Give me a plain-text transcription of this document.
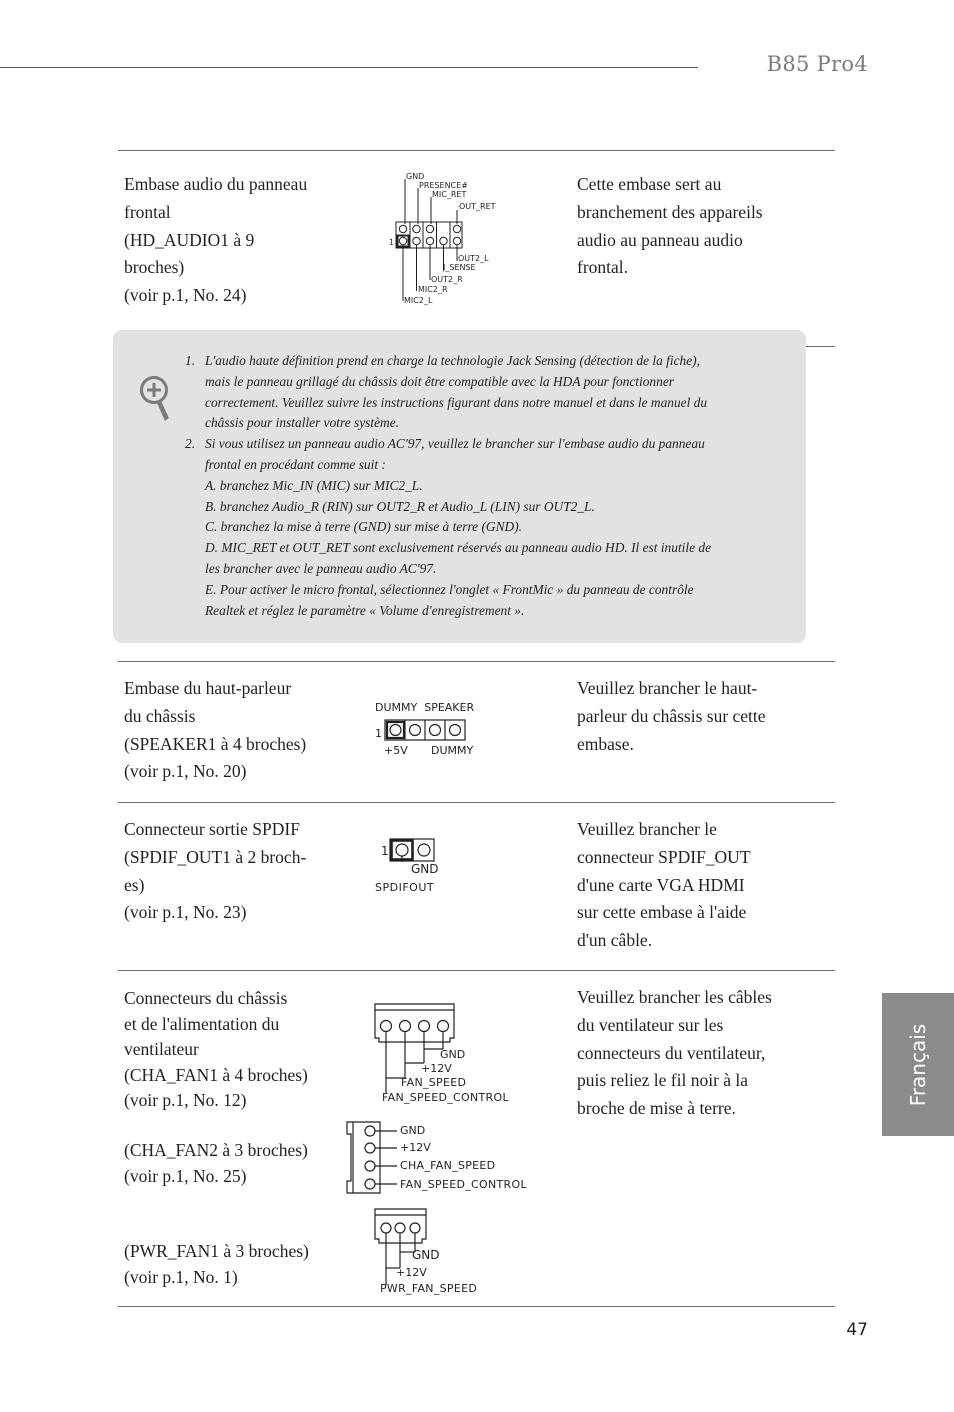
B85 Pro4
Embase audio du panneau
frontal
(HD_AUDIO1 à 9
broches)
(voir p.1, No. 24)
Cette embase sert au
branchement des appareils
audio au panneau audio
frontal.
GND
PRESENCE#
MIC_RET
OUT_RET
1
OUT2_L
J_SENSE
OUT2_R
MIC2_R
MIC2_L
1. L'audio haute définition prend en charge la technologie Jack Sensing (détection de la fiche),
mais le panneau grillagé du châssis doit être compatible avec la HDA pour fonctionner
correctement. Veuillez suivre les instructions figurant dans notre manuel et dans le manuel du
châssis pour installer votre système.
2. Si vous utilisez un panneau audio AC'97, veuillez le brancher sur l'embase audio du panneau
frontal en procédant comme suit :
A. branchez Mic_IN (MIC) sur MIC2_L.
B. branchez Audio_R (RIN) sur OUT2_R et Audio_L (LIN) sur OUT2_L.
C. branchez la mise à terre (GND) sur mise à terre (GND).
D. MIC_RET et OUT_RET sont exclusivement réservés au panneau audio HD. Il est inutile de
les brancher avec le panneau audio AC'97.
E. Pour activer le micro frontal, sélectionnez l'onglet « FrontMic » du panneau de contrôle
Realtek et réglez le paramètre « Volume d'enregistrement ».
Embase du haut-parleur
du châssis
(SPEAKER1 à 4 broches)
(voir p.1, No. 20)
Veuillez brancher le haut-
parleur du châssis sur cette
embase.
DUMMY  SPEAKER
1
+5V DUMMY
Connecteur sortie SPDIF
(SPDIF_OUT1 à 2 broch-
es)
(voir p.1, No. 23)
Veuillez brancher le
connecteur SPDIF_OUT
d'une carte VGA HDMI
sur cette embase à l'aide
d'un câble.
1
GND
SPDIFOUT
Connecteurs du châssis
et de l'alimentation du
ventilateur
(CHA_FAN1 à 4 broches)
(voir p.1, No. 12)
(CHA_FAN2 à 3 broches)
(voir p.1, No. 25)
(PWR_FAN1 à 3 broches)
(voir p.1, No. 1)
Veuillez brancher les câbles
du ventilateur sur les
connecteurs du ventilateur,
puis reliez le fil noir à la
broche de mise à terre.
GND
+12V
FAN_SPEED
FAN_SPEED_CONTROL
GND
+12V
CHA_FAN_SPEED
FAN_SPEED_CONTROL
GND
+12V
PWR_FAN_SPEED
Français
47
